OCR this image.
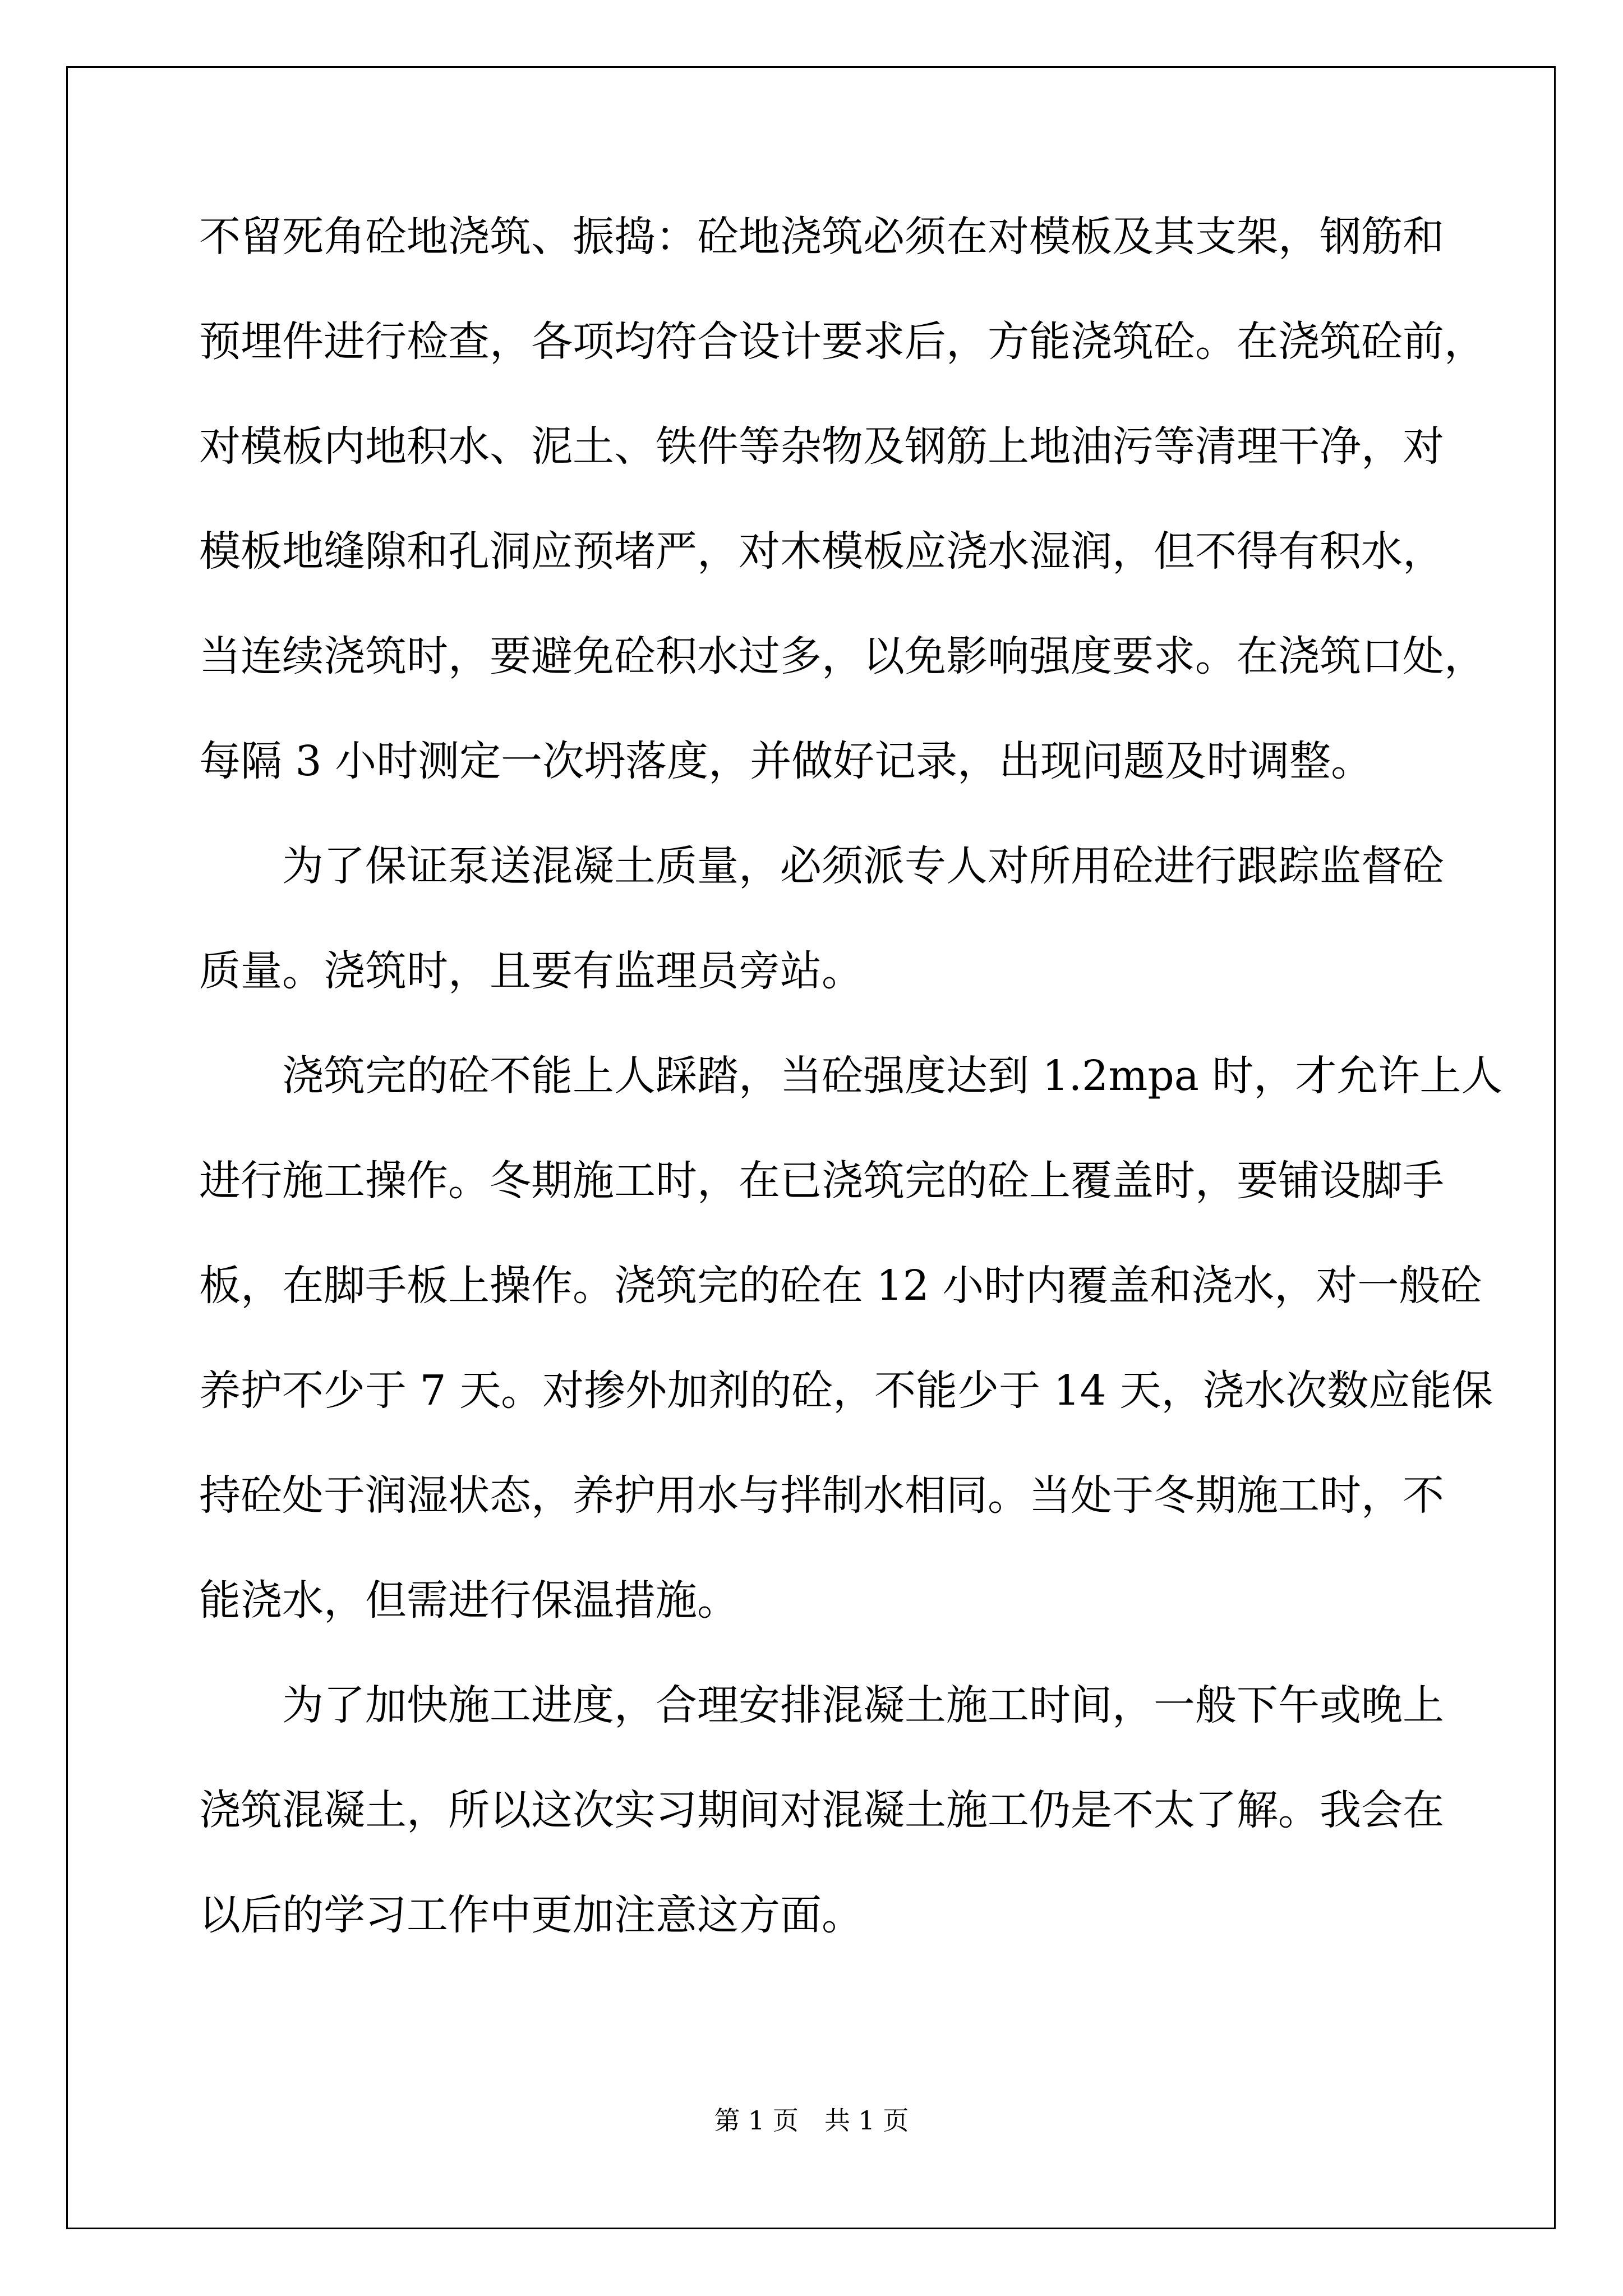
不留死角砼地浇筑、振捣：砼地浇筑必须在对模板及其支架，钢筋和
预埋件进行检查，各项均符合设计要求后，方能浇筑砼。在浇筑砼前，
对模板内地积水、泥土、铁件等杂物及钢筋上地油污等清理干净，对
模板地缝隙和孔洞应预堵严，对木模板应浇水湿润，但不得有积水，
当连续浇筑时，要避免砼积水过多，以免影响强度要求。在浇筑口处，
每隔 3 小时测定一次坍落度，并做好记录，出现问题及时调整。
为了保证泵送混凝土质量，必须派专人对所用砼进行跟踪监督砼
质量。浇筑时，且要有监理员旁站。
浇筑完的砼不能上人踩踏，当砼强度达到 1.2mpa 时，才允许上人
进行施工操作。冬期施工时，在已浇筑完的砼上覆盖时，要铺设脚手
板，在脚手板上操作。浇筑完的砼在 12 小时内覆盖和浇水，对一般砼
养护不少于 7 天。对掺外加剂的砼，不能少于 14 天，浇水次数应能保
持砼处于润湿状态，养护用水与拌制水相同。当处于冬期施工时，不
能浇水，但需进行保温措施。
为了加快施工进度，合理安排混凝土施工时间，一般下午或晚上
浇筑混凝土，所以这次实习期间对混凝土施工仍是不太了解。我会在
以后的学习工作中更加注意这方面。
第 1 页　共 1 页
